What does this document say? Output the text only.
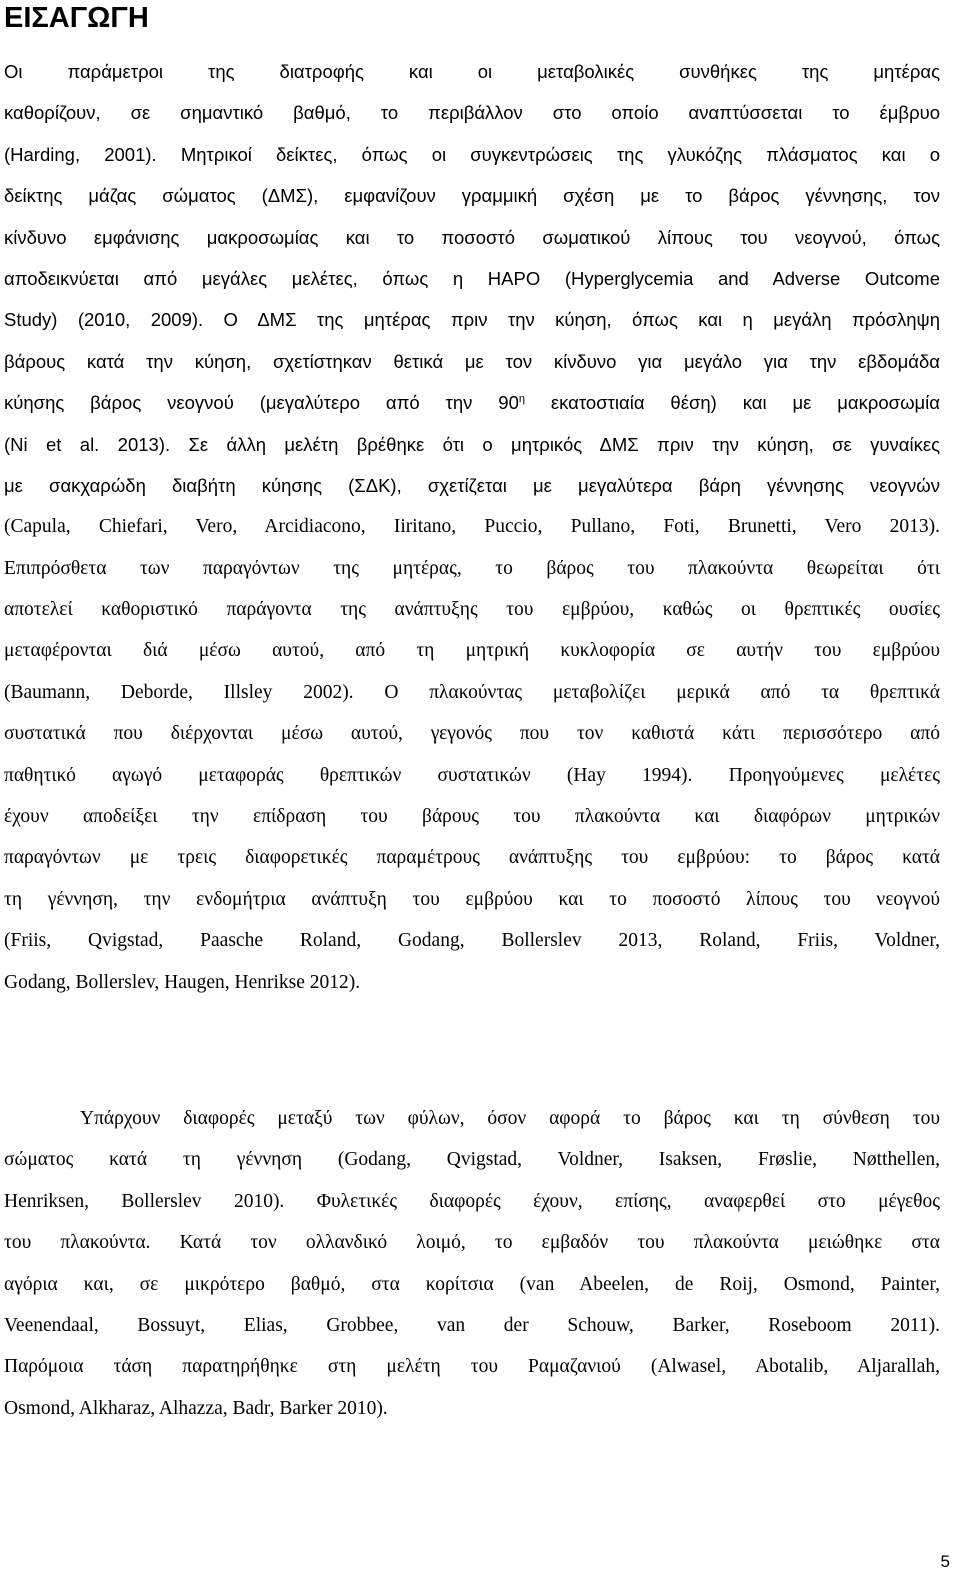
ΕΙΣΑΓΩΓΗ
Οι παράμετροι της διατροφής και οι μεταβολικές συνθήκες της μητέρας
καθορίζουν, σε σημαντικό βαθμό, το περιβάλλον στο οποίο αναπτύσσεται το έμβρυο
(Harding, 2001). Μητρικοί δείκτες, όπως οι συγκεντρώσεις της γλυκόζης πλάσματος και ο
δείκτης μάζας σώματος (ΔΜΣ), εμφανίζουν γραμμική σχέση με το βάρος γέννησης, τον
κίνδυνο εμφάνισης μακροσωμίας και το ποσοστό σωματικού λίπους του νεογνού, όπως
αποδεικνύεται από μεγάλες μελέτες, όπως η HAPO (Hyperglycemia and Adverse Outcome
Study) (2010, 2009). Ο ΔΜΣ της μητέρας πριν την κύηση, όπως και η μεγάλη πρόσληψη
βάρους κατά την κύηση, σχετίστηκαν θετικά με τον κίνδυνο για μεγάλο για την εβδομάδα
κύησης βάρος νεογνού (μεγαλύτερο από την $90^\eta$ εκατοστιαία θέση) και με μακροσωμία
(Ni et al. 2013). Σε άλλη μελέτη βρέθηκε ότι ο μητρικός ΔΜΣ πριν την κύηση, σε γυναίκες
με σακχαρώδη διαβήτη κύησης (ΣΔΚ), σχετίζεται με μεγαλύτερα βάρη γέννησης νεογνών
(Capula, Chiefari, Vero, Arcidiacono, Iiritano, Puccio, Pullano, Foti, Brunetti, Vero 2013).
Επιπρόσθετα των παραγόντων της μητέρας, το βάρος του πλακούντα θεωρείται ότι
αποτελεί καθοριστικό παράγοντα της ανάπτυξης του εμβρύου, καθώς οι θρεπτικές ουσίες
μεταφέρονται διά μέσω αυτού, από τη μητρική κυκλοφορία σε αυτήν του εμβρύου
(Baumann, Deborde, Illsley 2002). Ο πλακούντας μεταβολίζει μερικά από τα θρεπτικά
συστατικά που διέρχονται μέσω αυτού, γεγονός που τον καθιστά κάτι περισσότερο από
παθητικό αγωγό μεταφοράς θρεπτικών συστατικών (Hay 1994). Προηγούμενες μελέτες
έχουν αποδείξει την επίδραση του βάρους του πλακούντα και διαφόρων μητρικών
παραγόντων με τρεις διαφορετικές παραμέτρους ανάπτυξης του εμβρύου: το βάρος κατά
τη γέννηση, την ενδομήτρια ανάπτυξη του εμβρύου και το ποσοστό λίπους του νεογνού
(Friis, Qvigstad, Paasche Roland, Godang, Bollerslev 2013, Roland, Friis, Voldner,
Godang, Bollerslev, Haugen, Henrikse 2012).
Υπάρχουν διαφορές μεταξύ των φύλων, όσον αφορά το βάρος και τη σύνθεση του
σώματος κατά τη γέννηση (Godang, Qvigstad, Voldner, Isaksen, Frøslie, Nøtthellen,
Henriksen, Bollerslev 2010). Φυλετικές διαφορές έχουν, επίσης, αναφερθεί στο μέγεθος
του πλακούντα. Κατά τον ολλανδικό λοιμό, το εμβαδόν του πλακούντα μειώθηκε στα
αγόρια και, σε μικρότερο βαθμό, στα κορίτσια (van Abeelen, de Roij, Osmond, Painter,
Veenendaal, Bossuyt, Elias, Grobbee, van der Schouw, Barker, Roseboom 2011).
Παρόμοια τάση παρατηρήθηκε στη μελέτη του Ραμαζανιού (Alwasel, Abotalib, Aljarallah,
Osmond, Alkharaz, Alhazza, Badr, Barker 2010).

5
